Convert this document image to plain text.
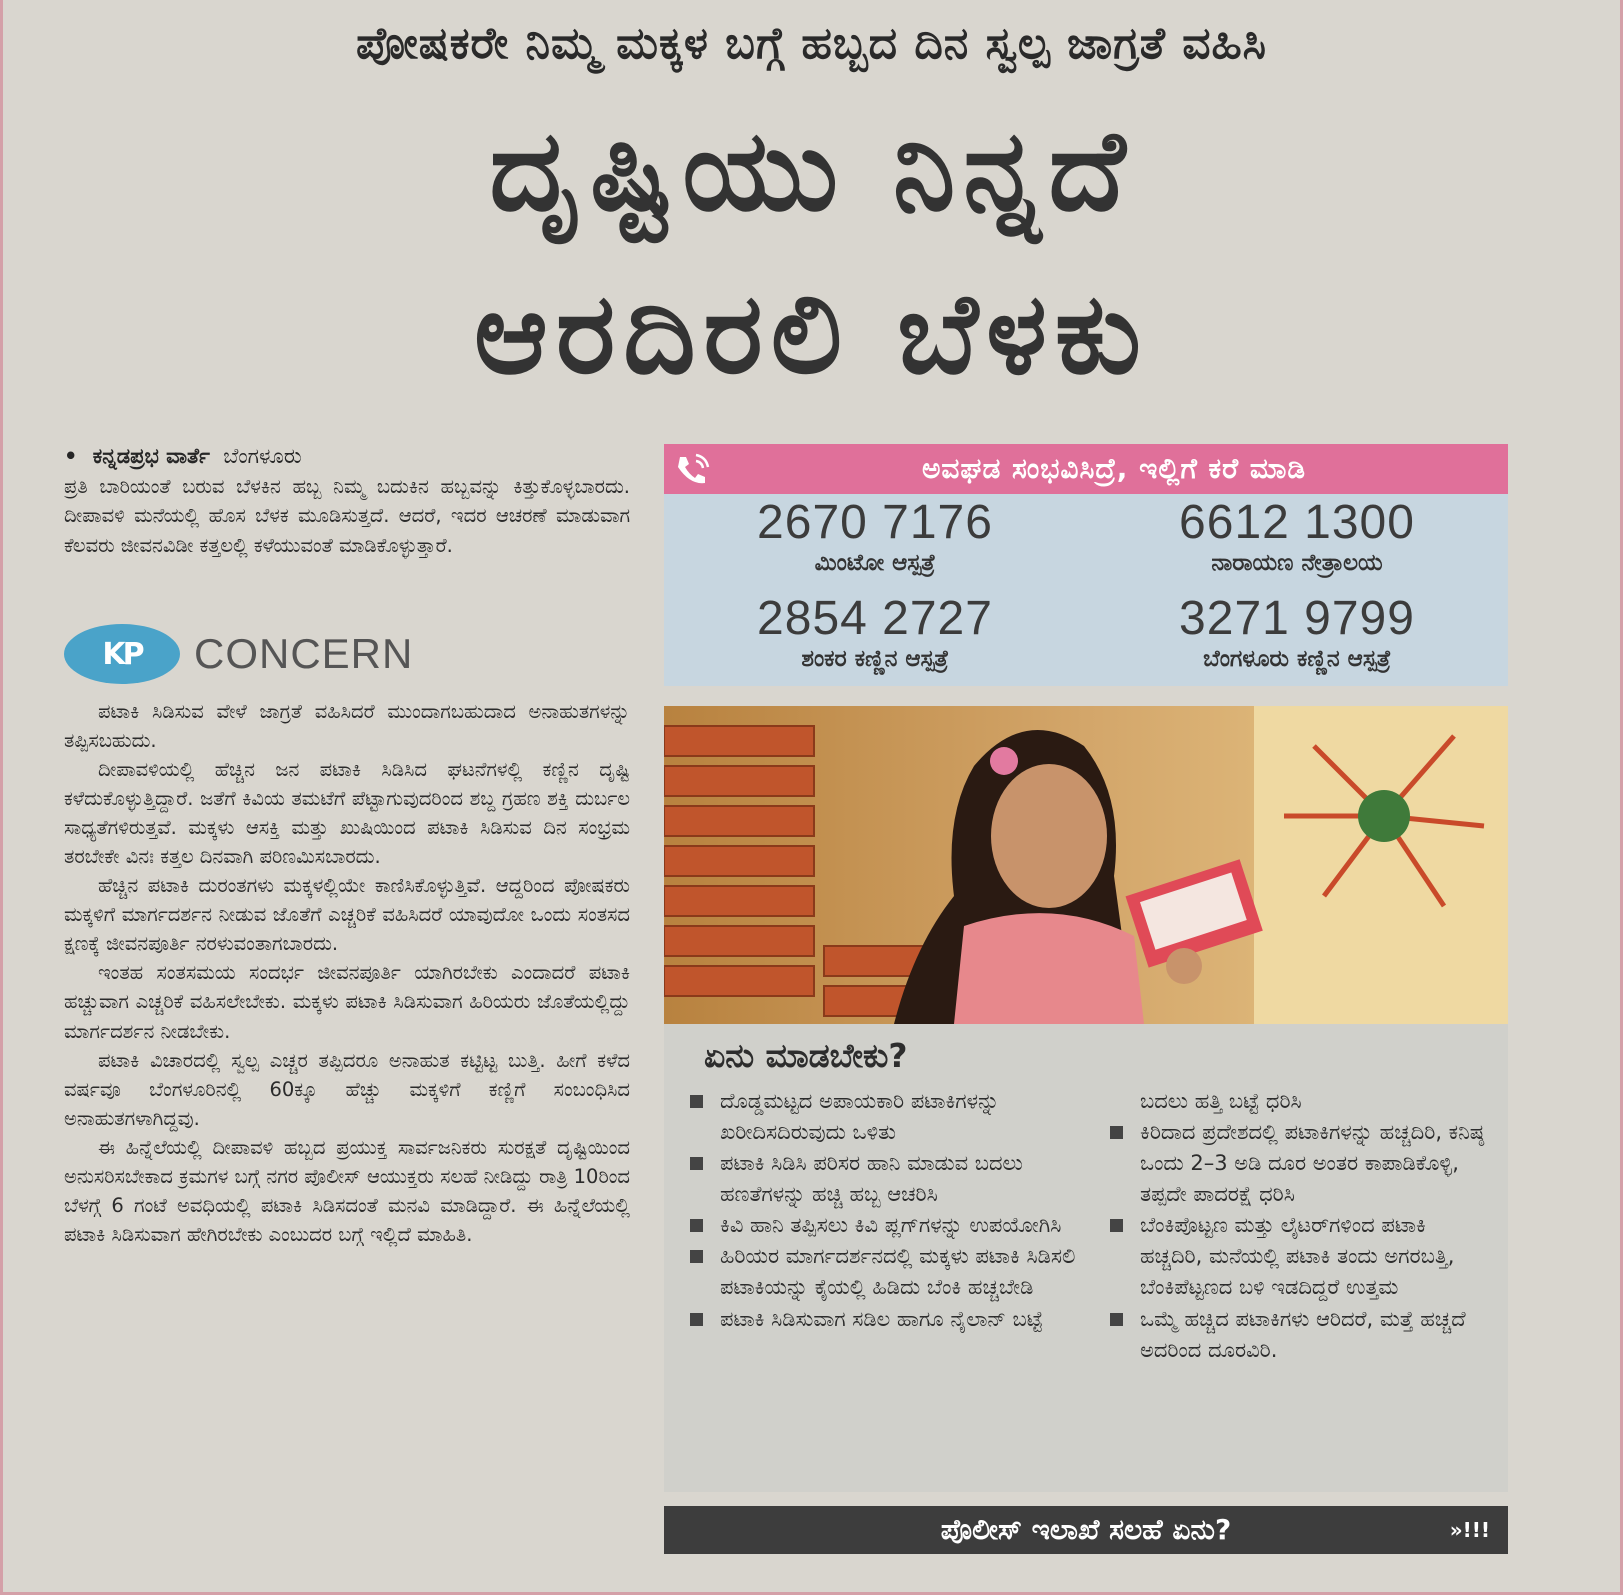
ಪೋಷಕರೇ ನಿಮ್ಮ ಮಕ್ಕಳ ಬಗ್ಗೆ ಹಬ್ಬದ ದಿನ ಸ್ವಲ್ಪ ಜಾಗ್ರತೆ ವಹಿಸಿ
ದೃಷ್ಟಿಯು ನಿನ್ನದೆ
ಆರದಿರಲಿ ಬೆಳಕು
• ಕನ್ನಡಪ್ರಭ ವಾರ್ತೆ ಬೆಂಗಳೂರು
ಪ್ರತಿ ಬಾರಿಯಂತೆ ಬರುವ ಬೆಳಕಿನ ಹಬ್ಬ ನಿಮ್ಮ ಬದುಕಿನ ಹಬ್ಬವನ್ನು ಕಿತ್ತುಕೊಳ್ಳಬಾರದು. ದೀಪಾವಳಿ ಮನೆಯಲ್ಲಿ ಹೊಸ ಬೆಳಕ ಮೂಡಿಸುತ್ತದೆ. ಆದರೆ, ಇದರ ಆಚರಣೆ ಮಾಡುವಾಗ ಕೆಲವರು ಜೀವನವಿಡೀ ಕತ್ತಲಲ್ಲಿ ಕಳೆಯುವಂತೆ ಮಾಡಿಕೊಳ್ಳುತ್ತಾರೆ.
KP	CONCERN

ಪಟಾಕಿ ಸಿಡಿಸುವ ವೇಳೆ ಜಾಗ್ರತೆ ವಹಿಸಿದರೆ ಮುಂದಾಗಬಹುದಾದ ಅನಾಹುತಗಳನ್ನು ತಪ್ಪಿಸಬಹುದು.

ದೀಪಾವಳಿಯಲ್ಲಿ ಹೆಚ್ಚಿನ ಜನ ಪಟಾಕಿ ಸಿಡಿಸಿದ ಘಟನೆಗಳಲ್ಲಿ ಕಣ್ಣಿನ ದೃಷ್ಟಿ ಕಳೆದುಕೊಳ್ಳುತ್ತಿದ್ದಾರೆ. ಜತೆಗೆ ಕಿವಿಯ ತಮಟೆಗೆ ಪೆಟ್ಟಾಗುವುದರಿಂದ ಶಬ್ದ ಗ್ರಹಣ ಶಕ್ತಿ ದುರ್ಬಲ ಸಾಧ್ಯತೆಗಳಿರುತ್ತವೆ. ಮಕ್ಕಳು ಆಸಕ್ತಿ ಮತ್ತು ಖುಷಿಯಿಂದ ಪಟಾಕಿ ಸಿಡಿಸುವ ದಿನ ಸಂಭ್ರಮ ತರಬೇಕೇ ವಿನಃ ಕತ್ತಲ ದಿನವಾಗಿ ಪರಿಣಮಿಸಬಾರದು.

ಹೆಚ್ಚಿನ ಪಟಾಕಿ ದುರಂತಗಳು ಮಕ್ಕಳಲ್ಲಿಯೇ ಕಾಣಿಸಿಕೊಳ್ಳುತ್ತಿವೆ. ಆದ್ದರಿಂದ ಪೋಷಕರು ಮಕ್ಕಳಿಗೆ ಮಾರ್ಗದರ್ಶನ ನೀಡುವ ಜೊತೆಗೆ ಎಚ್ಚರಿಕೆ ವಹಿಸಿದರೆ ಯಾವುದೋ ಒಂದು ಸಂತಸದ ಕ್ಷಣಕ್ಕೆ ಜೀವನಪೂರ್ತಿ ನರಳುವಂತಾಗಬಾರದು.

ಇಂತಹ ಸಂತಸಮಯ ಸಂದರ್ಭ ಜೀವನಪೂರ್ತಿ ಯಾಗಿರಬೇಕು ಎಂದಾದರೆ ಪಟಾಕಿ ಹಚ್ಚುವಾಗ ಎಚ್ಚರಿಕೆ ವಹಿಸಲೇಬೇಕು. ಮಕ್ಕಳು ಪಟಾಕಿ ಸಿಡಿಸುವಾಗ ಹಿರಿಯರು ಜೊತೆಯಲ್ಲಿದ್ದು ಮಾರ್ಗದರ್ಶನ ನೀಡಬೇಕು.

ಪಟಾಕಿ ವಿಚಾರದಲ್ಲಿ ಸ್ವಲ್ಪ ಎಚ್ಚರ ತಪ್ಪಿದರೂ ಅನಾಹುತ ಕಟ್ಟಿಟ್ಟ ಬುತ್ತಿ. ಹೀಗೆ ಕಳೆದ ವರ್ಷವೂ ಬೆಂಗಳೂರಿನಲ್ಲಿ 60ಕ್ಕೂ ಹೆಚ್ಚು ಮಕ್ಕಳಿಗೆ ಕಣ್ಣಿಗೆ ಸಂಬಂಧಿಸಿದ ಅನಾಹುತಗಳಾಗಿದ್ದವು.

ಈ ಹಿನ್ನೆಲೆಯಲ್ಲಿ ದೀಪಾವಳಿ ಹಬ್ಬದ ಪ್ರಯುಕ್ತ ಸಾರ್ವಜನಿಕರು ಸುರಕ್ಷತೆ ದೃಷ್ಟಿಯಿಂದ ಅನುಸರಿಸಬೇಕಾದ ಕ್ರಮಗಳ ಬಗ್ಗೆ ನಗರ ಪೊಲೀಸ್ ಆಯುಕ್ತರು ಸಲಹೆ ನೀಡಿದ್ದು ರಾತ್ರಿ 10ರಿಂದ ಬೆಳಗ್ಗೆ 6 ಗಂಟೆ ಅವಧಿಯಲ್ಲಿ ಪಟಾಕಿ ಸಿಡಿಸದಂತೆ ಮನವಿ ಮಾಡಿದ್ದಾರೆ. ಈ ಹಿನ್ನೆಲೆಯಲ್ಲಿ ಪಟಾಕಿ ಸಿಡಿಸುವಾಗ ಹೇಗಿರಬೇಕು ಎಂಬುದರ ಬಗ್ಗೆ ಇಲ್ಲಿದೆ ಮಾಹಿತಿ.

ಅವಘಡ ಸಂಭವಿಸಿದ್ರೆ, ಇಲ್ಲಿಗೆ ಕರೆ ಮಾಡಿ
2670 7176
ಮಿಂಟೋ ಆಸ್ಪತ್ರೆ
6612 1300
ನಾರಾಯಣ ನೇತ್ರಾಲಯ
2854 2727
ಶಂಕರ ಕಣ್ಣಿನ ಆಸ್ಪತ್ರೆ
3271 9799
ಬೆಂಗಳೂರು ಕಣ್ಣಿನ ಆಸ್ಪತ್ರೆ
ಏನು ಮಾಡಬೇಕು?

ದೊಡ್ಡಮಟ್ಟದ ಅಪಾಯಕಾರಿ ಪಟಾಕಿಗಳನ್ನು ಖರೀದಿಸದಿರುವುದು ಒಳಿತು

ಪಟಾಕಿ ಸಿಡಿಸಿ ಪರಿಸರ ಹಾನಿ ಮಾಡುವ ಬದಲು ಹಣತೆಗಳನ್ನು ಹಚ್ಚಿ ಹಬ್ಬ ಆಚರಿಸಿ

ಕಿವಿ ಹಾನಿ ತಪ್ಪಿಸಲು ಕಿವಿ ಪ್ಲಗ್‌ಗಳನ್ನು ಉಪಯೋಗಿಸಿ

ಹಿರಿಯರ ಮಾರ್ಗದರ್ಶನದಲ್ಲಿ ಮಕ್ಕಳು ಪಟಾಕಿ ಸಿಡಿಸಲಿ ಪಟಾಕಿಯನ್ನು ಕೈಯಲ್ಲಿ ಹಿಡಿದು ಬೆಂಕಿ ಹಚ್ಚಬೇಡಿ

ಪಟಾಕಿ ಸಿಡಿಸುವಾಗ ಸಡಿಲ ಹಾಗೂ ನೈಲಾನ್ ಬಟ್ಟೆ

ಬದಲು ಹತ್ತಿ ಬಟ್ಟೆ ಧರಿಸಿ

ಕಿರಿದಾದ ಪ್ರದೇಶದಲ್ಲಿ ಪಟಾಕಿಗಳನ್ನು ಹಚ್ಚದಿರಿ, ಕನಿಷ್ಠ ಒಂದು 2–3 ಅಡಿ ದೂರ ಅಂತರ ಕಾಪಾಡಿಕೊಳ್ಳಿ, ತಪ್ಪದೇ ಪಾದರಕ್ಷೆ ಧರಿಸಿ

ಬೆಂಕಿಪೊಟ್ಟಣ ಮತ್ತು ಲೈಟರ್‌ಗಳಿಂದ ಪಟಾಕಿ ಹಚ್ಚದಿರಿ, ಮನೆಯಲ್ಲಿ ಪಟಾಕಿ ತಂದು ಅಗರಬತ್ತಿ, ಬೆಂಕಿಪೆಟ್ಟಣದ ಬಳಿ ಇಡದಿದ್ದರೆ ಉತ್ತಮ

ಒಮ್ಮೆ ಹಚ್ಚಿದ ಪಟಾಕಿಗಳು ಆರಿದರೆ, ಮತ್ತೆ ಹಚ್ಚದೆ ಅದರಿಂದ ದೂರವಿರಿ.

ಪೊಲೀಸ್ ಇಲಾಖೆ ಸಲಹೆ ಏನು?	»!!!
